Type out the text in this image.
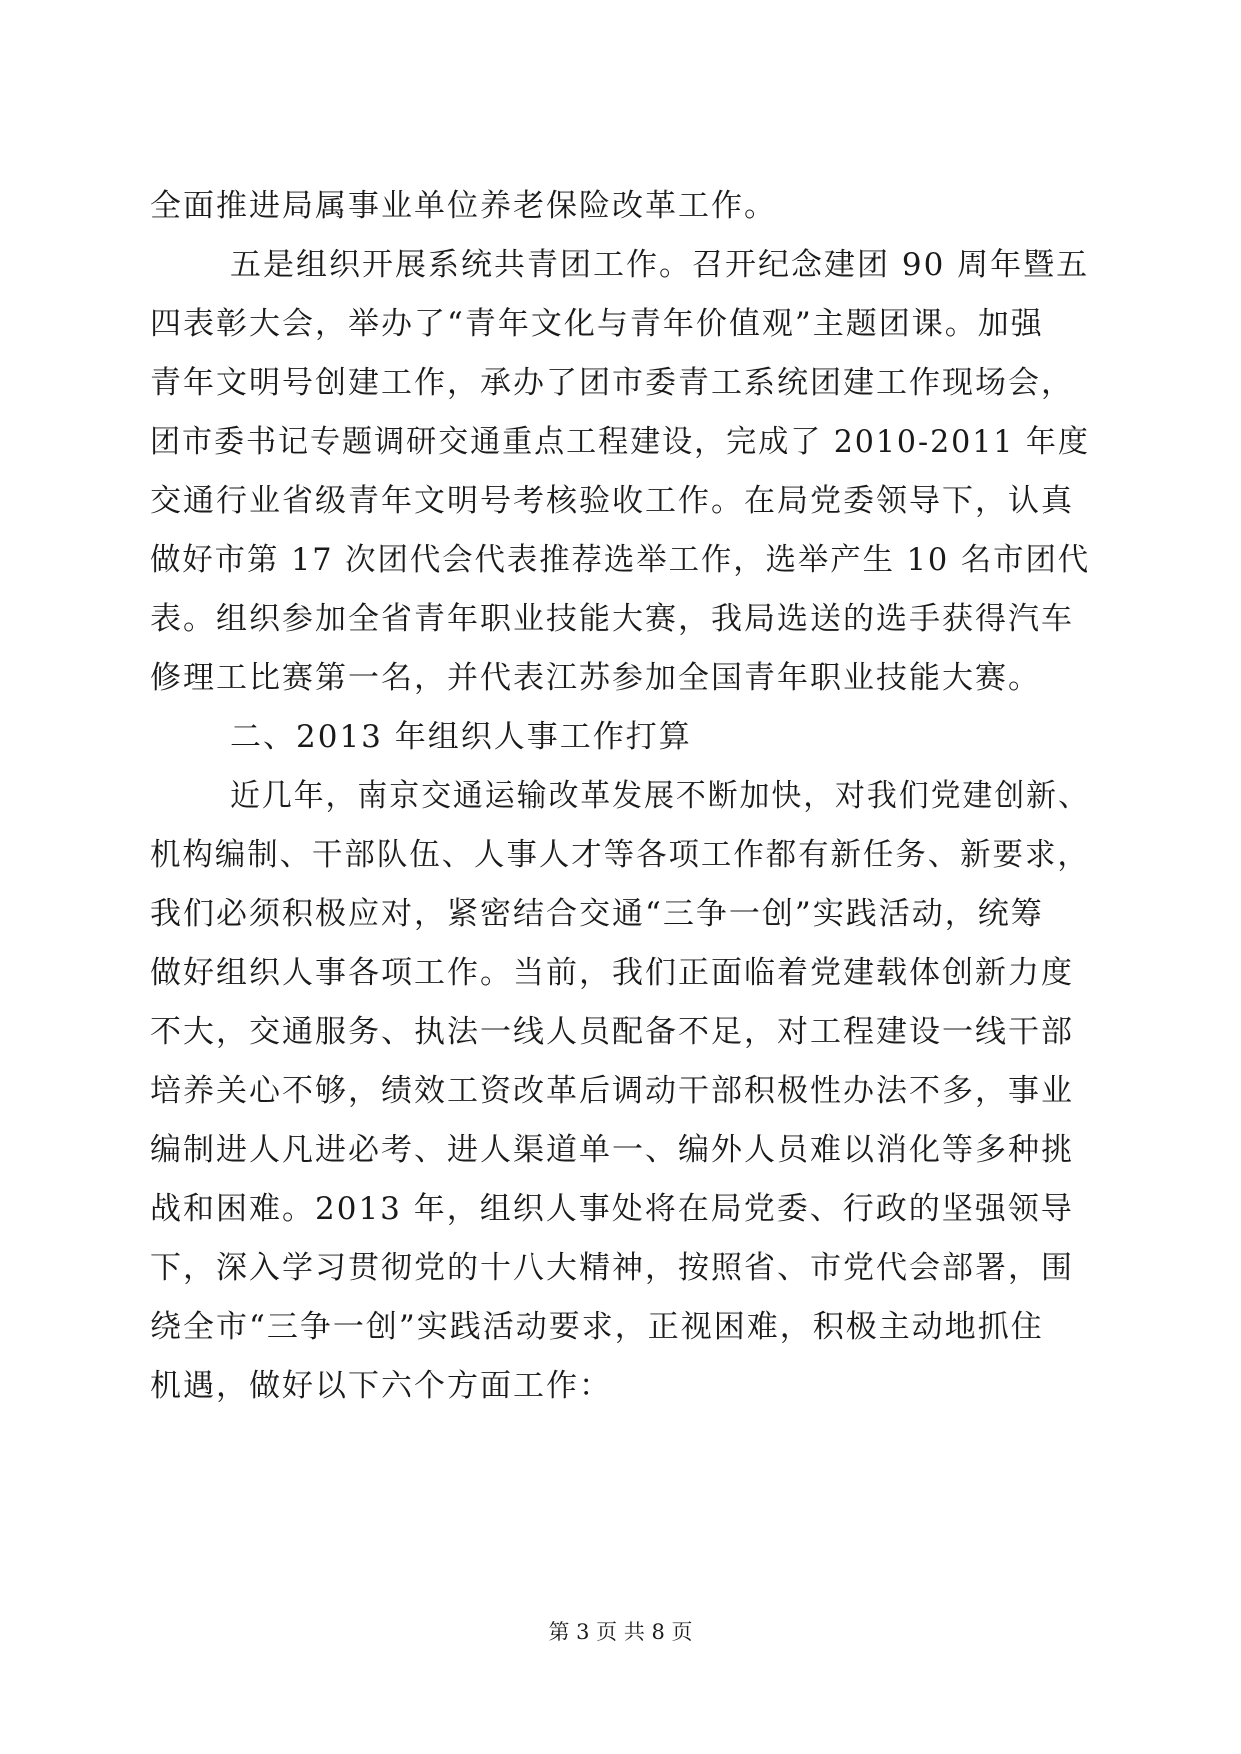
全面推进局属事业单位养老保险改革工作。
五是组织开展系统共青团工作。召开纪念建团 90 周年暨五
四表彰大会，举办了“青年文化与青年价值观”主题团课。加强
青年文明号创建工作，承办了团市委青工系统团建工作现场会，
团市委书记专题调研交通重点工程建设，完成了 2010-2011 年度
交通行业省级青年文明号考核验收工作。在局党委领导下，认真
做好市第 17 次团代会代表推荐选举工作，选举产生 10 名市团代
表。组织参加全省青年职业技能大赛，我局选送的选手获得汽车
修理工比赛第一名，并代表江苏参加全国青年职业技能大赛。
二、2013 年组织人事工作打算
近几年，南京交通运输改革发展不断加快，对我们党建创新、
机构编制、干部队伍、人事人才等各项工作都有新任务、新要求，
我们必须积极应对，紧密结合交通“三争一创”实践活动，统筹
做好组织人事各项工作。当前，我们正面临着党建载体创新力度
不大，交通服务、执法一线人员配备不足，对工程建设一线干部
培养关心不够，绩效工资改革后调动干部积极性办法不多，事业
编制进人凡进必考、进人渠道单一、编外人员难以消化等多种挑
战和困难。2013 年，组织人事处将在局党委、行政的坚强领导
下，深入学习贯彻党的十八大精神，按照省、市党代会部署，围
绕全市“三争一创”实践活动要求，正视困难，积极主动地抓住
机遇，做好以下六个方面工作：
第 3 页 共 8 页
